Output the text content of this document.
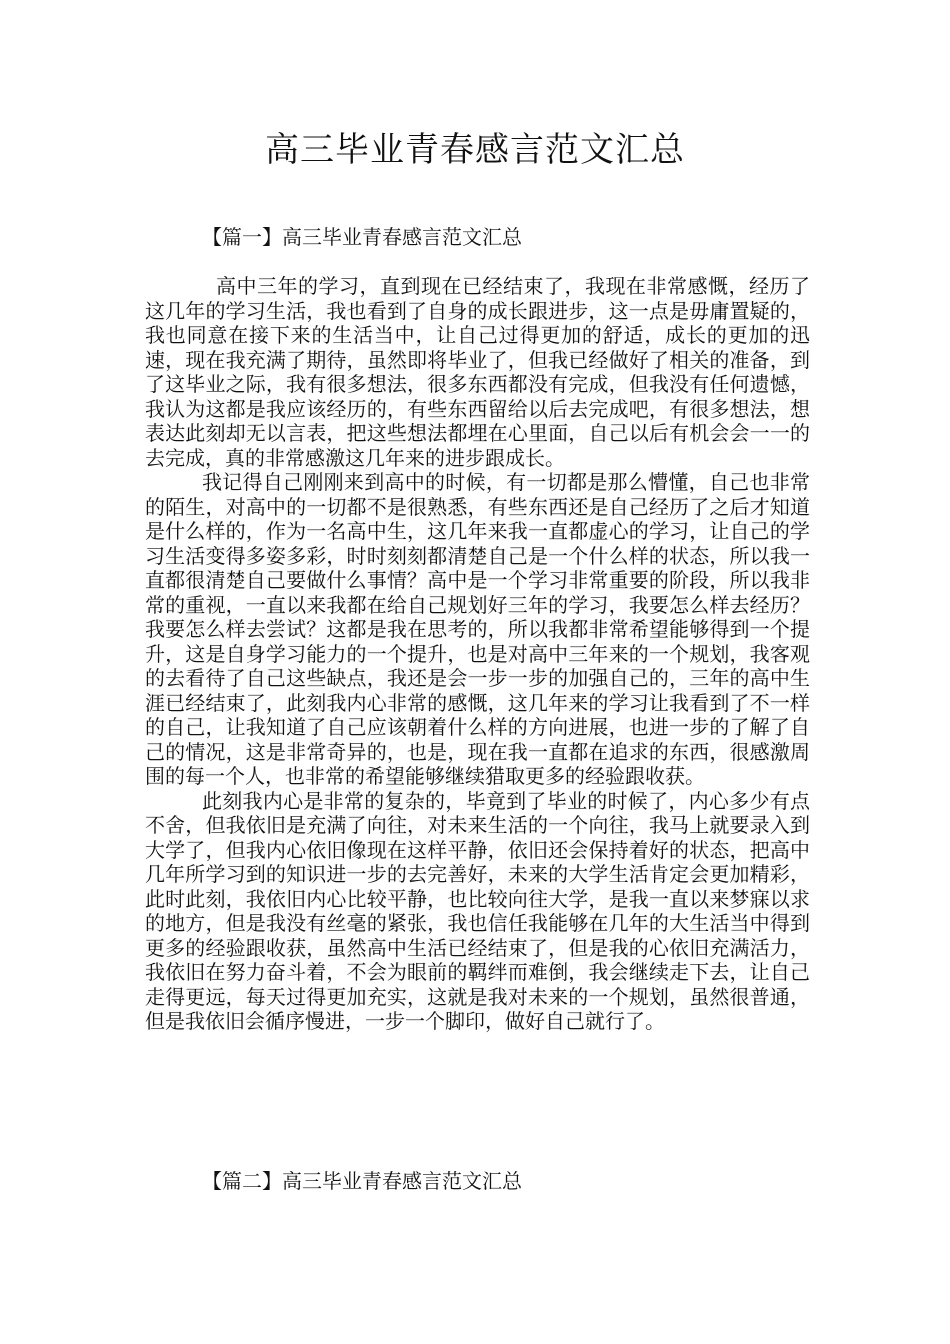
高三毕业青春感言范文汇总
【篇一】高三毕业青春感言范文汇总

高中三年的学习，直到现在已经结束了，我现在非常感慨，经历了这几年的学习生活，我也看到了自身的成长跟进步，这一点是毋庸置疑的，我也同意在接下来的生活当中，让自己过得更加的舒适，成长的更加的迅速，现在我充满了期待，虽然即将毕业了，但我已经做好了相关的准备，到了这毕业之际，我有很多想法，很多东西都没有完成，但我没有任何遗憾，我认为这都是我应该经历的，有些东西留给以后去完成吧，有很多想法，想表达此刻却无以言表，把这些想法都埋在心里面，自己以后有机会会一一的去完成，真的非常感激这几年来的进步跟成长。

我记得自己刚刚来到高中的时候，有一切都是那么懵懂，自己也非常的陌生，对高中的一切都不是很熟悉，有些东西还是自己经历了之后才知道是什么样的，作为一名高中生，这几年来我一直都虚心的学习，让自己的学习生活变得多姿多彩，时时刻刻都清楚自己是一个什么样的状态，所以我一直都很清楚自己要做什么事情？高中是一个学习非常重要的阶段，所以我非常的重视，一直以来我都在给自己规划好三年的学习，我要怎么样去经历？我要怎么样去尝试？这都是我在思考的，所以我都非常希望能够得到一个提升，这是自身学习能力的一个提升，也是对高中三年来的一个规划，我客观的去看待了自己这些缺点，我还是会一步一步的加强自己的，三年的高中生涯已经结束了，此刻我内心非常的感慨，这几年来的学习让我看到了不一样的自己，让我知道了自己应该朝着什么样的方向进展，也进一步的了解了自己的情况，这是非常奇异的，也是，现在我一直都在追求的东西，很感激周围的每一个人，也非常的希望能够继续猎取更多的经验跟收获。

此刻我内心是非常的复杂的，毕竟到了毕业的时候了，内心多少有点不舍，但我依旧是充满了向往，对未来生活的一个向往，我马上就要录入到大学了，但我内心依旧像现在这样平静，依旧还会保持着好的状态，把高中几年所学习到的知识进一步的去完善好，未来的大学生活肯定会更加精彩，此时此刻，我依旧内心比较平静，也比较向往大学，是我一直以来梦寐以求的地方，但是我没有丝毫的紧张，我也信任我能够在几年的大生活当中得到更多的经验跟收获，虽然高中生活已经结束了，但是我的心依旧充满活力，我依旧在努力奋斗着，不会为眼前的羁绊而难倒，我会继续走下去，让自己走得更远，每天过得更加充实，这就是我对未来的一个规划，虽然很普通，但是我依旧会循序慢进，一步一个脚印，做好自己就行了。

【篇二】高三毕业青春感言范文汇总
